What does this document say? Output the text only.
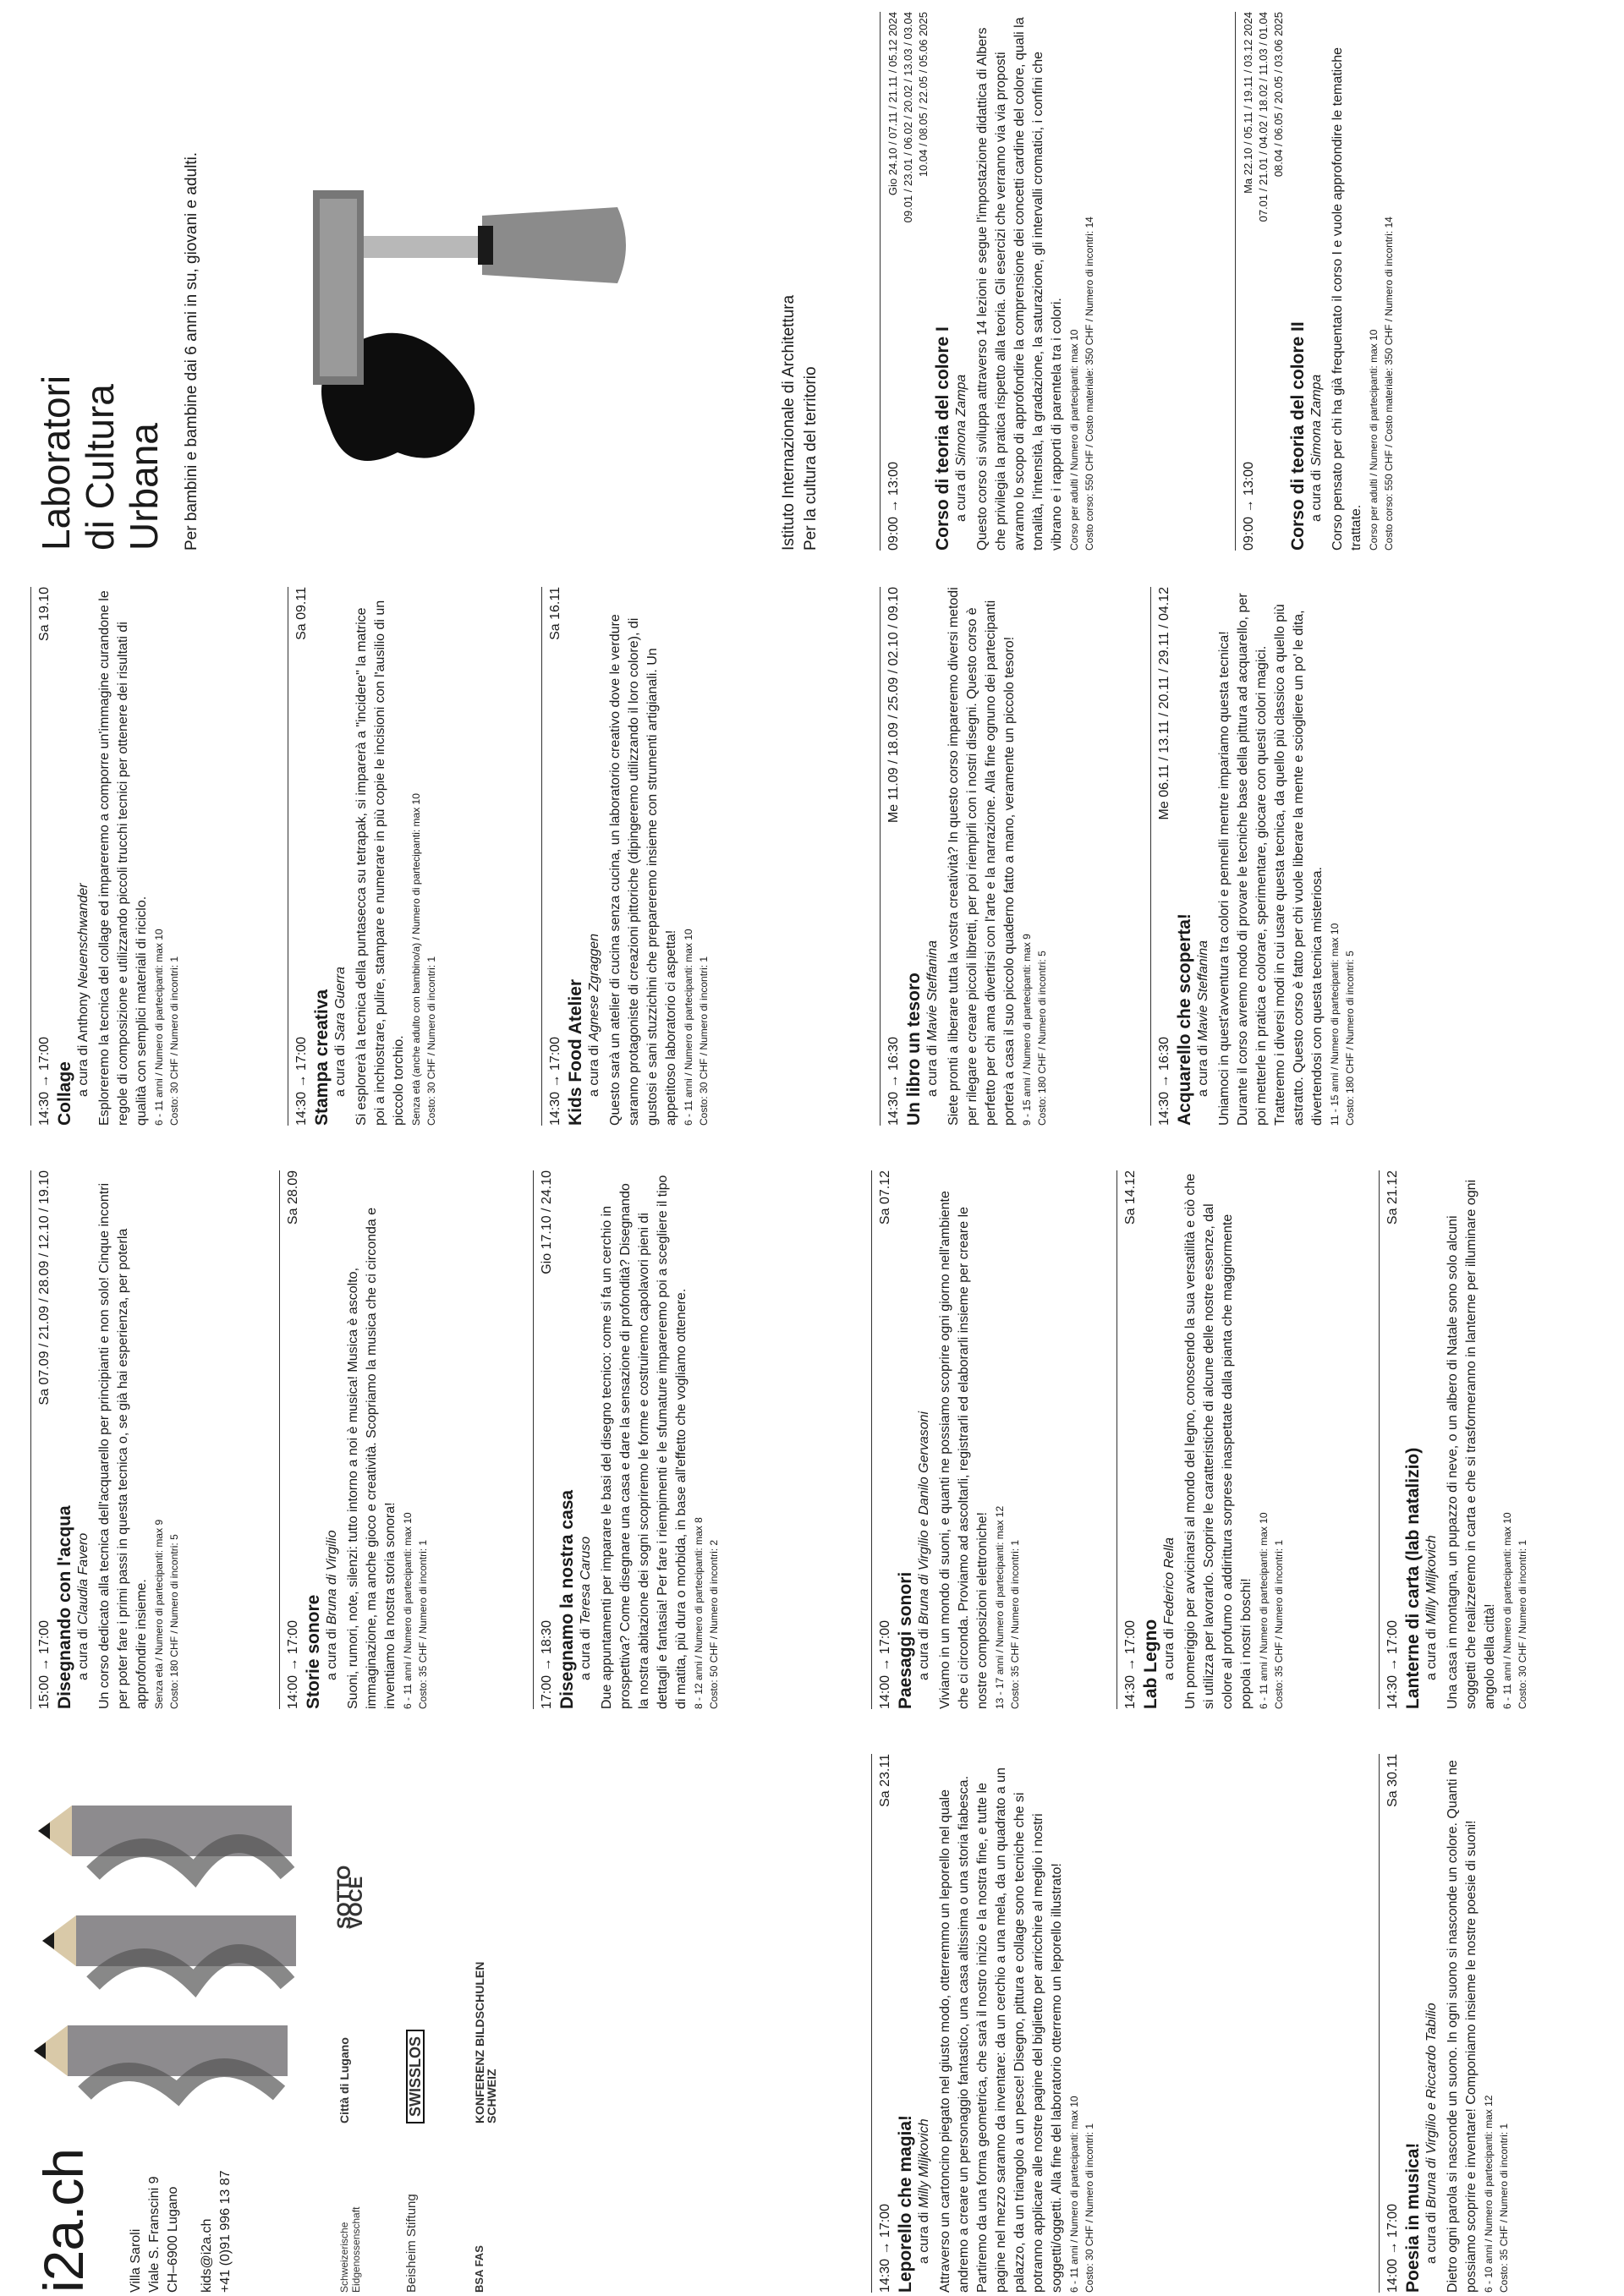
i2a.ch	Villa Saroli Viale S. Franscini 9 CH–6900 Lugano kids@i2a.ch +41 (0)91 996 13 87	Schweizerische Eidgenossenschaft	Beisheim Stiftung
Città di Lugano	SWISSLOS
SOTTO VOCE
BSA FAS
KONFERENZ BILDSCHULEN SCHWEIZ
14:30 → 17:00
Sa 23.11
Leporello che magia! a cura di Milly Miljkovich Attraverso un cartoncino piegato nel giusto modo, otterremmo un leporello nel quale andremo a creare un personaggio fantastico, una casa altissima o una storia fiabesca. Partiremo da una forma geometrica, che sarà il nostro inizio e la nostra fine, e tutte le pagine nel mezzo saranno da inventare: da un cerchio a una mela, da un quadrato a un palazzo, da un triangolo a un pesce! Disegno, pittura e collage sono tecniche che si potranno applicare alle nostre pagine del biglietto per arricchire al meglio i nostri soggetti/oggetti. Alla fine del laboratorio otterremo un leporello illustrato! 6 - 11 anni / Numero di partecipanti: max 10 Costo: 30 CHF / Numero di incontri: 1	14:00 → 17:00
Sa 30.11
Poesia in musica! a cura di Bruna di Virgilio e Riccardo Tabilio Dietro ogni parola si nasconde un suono. In ogni suono si nasconde un colore. Quanti ne possiamo scoprire e inventare! Componiamo insieme le nostre poesie di suoni! 6 - 10 anni / Numero di partecipanti: max 12 Costo: 35 CHF / Numero di incontri: 1
15:00 → 17:00
Sa 07.09 / 21.09 / 28.09 / 12.10 / 19.10
Disegnando con l'acqua a cura di Claudia Favero Un corso dedicato alla tecnica dell'acquarello per principianti e non solo! Cinque incontri per poter fare i primi passi in questa tecnica o, se già hai esperienza, per poterla approfondire insieme. Senza età / Numero di partecipanti: max 9 Costo: 180 CHF / Numero di incontri: 5	14:00 → 17:00
Sa 28.09
Storie sonore a cura di Bruna di Virgilio Suoni, rumori, note, silenzi: tutto intorno a noi è musica! Musica è ascolto, immaginazione, ma anche gioco e creatività. Scopriamo la musica che ci circonda e inventiamo la nostra storia sonora! 6 - 11 anni / Numero di partecipanti: max 10 Costo: 35 CHF / Numero di incontri: 1	17:00 → 18:30
Gio 17.10 / 24.10
Disegnamo la nostra casa a cura di Teresa Caruso Due appuntamenti per imparare le basi del disegno tecnico: come si fa un cerchio in prospettiva? Come disegnare una casa e dare la sensazione di profondità? Disegnando la nostra abitazione dei sogni scopriremo le forme e costruiremo capolavori pieni di dettagli e fantasia! Per fare i riempimenti e le sfumature impareremo poi a scegliere il tipo di matita, più dura o morbida, in base all'effetto che vogliamo ottenere. 8 - 12 anni / Numero di partecipanti: max 8 Costo: 50 CHF / Numero di incontri: 2	14:00 → 17:00
Sa 07.12
Paesaggi sonori a cura di Bruna di Virgilio e Danilo Gervasoni Viviamo in un mondo di suoni, e quanti ne possiamo scoprire ogni giorno nell'ambiente che ci circonda. Proviamo ad ascoltarli, registrarli ed elaborarli insieme per creare le nostre composizioni elettroniche! 13 - 17 anni / Numero di partecipanti: max 12 Costo: 35 CHF / Numero di incontri: 1	14:30 → 17:00
Sa 14.12
Lab Legno a cura di Federico Rella Un pomeriggio per avvicinarsi al mondo del legno, conoscendo la sua versatilità e ciò che si utilizza per lavorarlo. Scoprire le caratteristiche di alcune delle nostre essenze, dal colore al profumo o addirittura sorprese inaspettate dalla pianta che maggiormente popola i nostri boschi! 6 - 11 anni / Numero di partecipanti: max 10 Costo: 35 CHF / Numero di incontri: 1	14:30 → 17:00
Sa 21.12
Lanterne di carta (lab natalizio) a cura di Milly Miljkovich Una casa in montagna, un pupazzo di neve, o un albero di Natale sono solo alcuni soggetti che realizzeremo in carta e che si trasformeranno in lanterne per illuminare ogni angolo della città! 6 - 11 anni / Numero di partecipanti: max 10 Costo: 30 CHF / Numero di incontri: 1
14:30 → 17:00
Sa 19.10
Collage a cura di Anthony Neuenschwander Esploreremo la tecnica del collage ed impareremo a comporre un'immagine curandone le regole di composizione e utilizzando piccoli trucchi tecnici per ottenere dei risultati di qualità con semplici materiali di riciclo. 6 - 11 anni / Numero di partecipanti: max 10 Costo: 30 CHF / Numero di incontri: 1	14:30 → 17:00
Sa 09.11
Stampa creativa a cura di Sara Guerra Si esplorerà la tecnica della puntasecca su tetrapak, si imparerà a "incidere" la matrice poi a inchiostrare, pulire, stampare e numerare in più copie le incisioni con l'ausilio di un piccolo torchio. Senza età (anche adulto con bambino/a) / Numero di partecipanti: max 10 Costo: 30 CHF / Numero di incontri: 1	14:30 → 17:00
Sa 16.11
Kids Food Atelier a cura di Agnese Zgraggen Questo sarà un atelier di cucina senza cucina, un laboratorio creativo dove le verdure saranno protagoniste di creazioni pittoriche (dipingeremo utilizzando il loro colore), di gustosi e sani stuzzichini che prepareremo insieme con strumenti artigianali. Un appetitoso laboratorio ci aspetta! 6 - 11 anni / Numero di partecipanti: max 10 Costo: 30 CHF / Numero di incontri: 1	14:30 → 16:30
Me 11.09 / 18.09 / 25.09 / 02.10 / 09.10
Un libro un tesoro a cura di Mavie Steffanina Siete pronti a liberare tutta la vostra creatività? In questo corso impareremo diversi metodi per rilegare e creare piccoli libretti, per poi riempirli con i nostri disegni. Questo corso è perfetto per chi ama divertirsi con l'arte e la narrazione. Alla fine ognuno dei partecipanti porterà a casa il suo piccolo quaderno fatto a mano, veramente un piccolo tesoro! 9 - 15 anni / Numero di partecipanti: max 9 Costo: 180 CHF / Numero di incontri: 5	14:30 → 16:30
Me 06.11 / 13.11 / 20.11 / 29.11 / 04.12
Acquarello che scoperta! a cura di Mavie Steffanina Uniamoci in quest'avventura tra colori e pennelli mentre impariamo questa tecnica! Durante il corso avremo modo di provare le tecniche base della pittura ad acquarello, per poi metterle in pratica e colorare, sperimentare, giocare con questi colori magici. Tratteremo i diversi modi in cui usare questa tecnica, da quello più classico a quello più astratto. Questo corso è fatto per chi vuole liberare la mente e sciogliere un po' le dita, divertendosi con questa tecnica misteriosa. 11 - 15 anni / Numero di partecipanti: max 10 Costo: 180 CHF / Numero di incontri: 5
Laboratori di Cultura Urbana Per bambini e bambine dai 6 anni in su, giovani e adulti.	Istituto Internazionale di Architettura Per la cultura del territorio	09:00 → 13:00
Gio 24.10 / 07.11 / 21.11 / 05.12 2024 09.01 / 23.01 / 06.02 / 20.02 / 13.03 / 03.04 10.04 / 08.05 / 22.05 / 05.06 2025
Corso di teoria del colore I a cura di Simona Zampa Questo corso si sviluppa attraverso 14 lezioni e segue l'impostazione didattica di Albers che privilegia la pratica rispetto alla teoria. Gli esercizi che verranno via via proposti avranno lo scopo di approfondire la comprensione dei concetti cardine del colore, quali la tonalità, l'intensità, la gradazione, la saturazione, gli intervalli cromatici, i confini che vibrano e i rapporti di parentela tra i colori. Corso per adulti / Numero di partecipanti: max 10 Costo corso: 550 CHF / Costo materiale: 350 CHF / Numero di incontri: 14	09:00 → 13:00
Ma 22.10 / 05.11 / 19.11 / 03.12 2024 07.01 / 21.01 / 04.02 / 18.02 / 11.03 / 01.04 08.04 / 06.05 / 20.05 / 03.06 2025
Corso di teoria del colore II a cura di Simona Zampa Corso pensato per chi ha già frequentato il corso I e vuole approfondire le tematiche trattate. Corso per adulti / Numero di partecipanti: max 10 Costo corso: 550 CHF / Costo materiale: 350 CHF / Numero di incontri: 14
